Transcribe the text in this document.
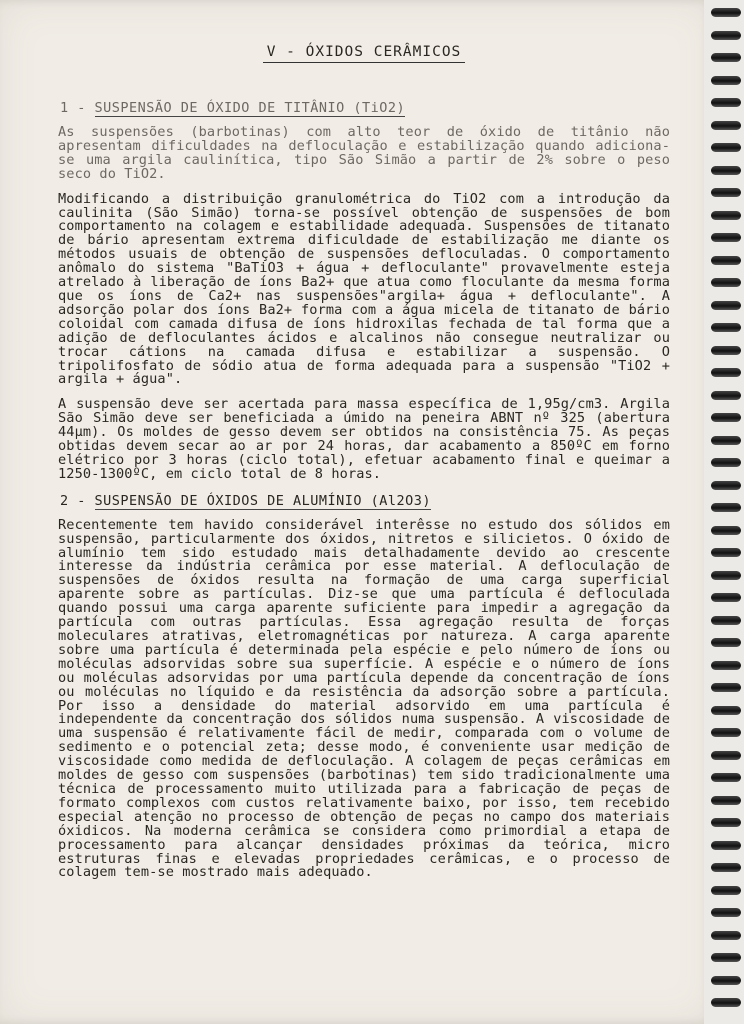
V - ÓXIDOS CERÂMICOS
1 - SUSPENSÃO DE ÓXIDO DE TITÂNIO (TiO2)

As suspensões (barbotinas) com alto teor de óxido de titânio não apresentam dificuldades na defloculação e estabilização quando adiciona-se uma argila caulinítica, tipo São Simão a partir de 2% sobre o peso seco do TiO2.

Modificando a distribuição granulométrica do TiO2 com a introdução da caulinita (São Simão) torna-se possível obtenção de suspensões de bom comportamento na colagem e estabilidade adequada. Suspensões de titanato de bário apresentam extrema dificuldade de estabilização me diante os métodos usuais de obtenção de suspensões defloculadas. O comportamento anômalo do sistema "BaTiO3 + água + defloculante" provavelmente esteja atrelado à liberação de íons Ba2+ que atua como floculante da mesma forma que os íons de Ca2+ nas suspensões"argila+ água + defloculante". A adsorção polar dos íons Ba2+ forma com a água micela de titanato de bário coloidal com camada difusa de íons hidroxilas fechada de tal forma que a adição de defloculantes ácidos e alcalinos não consegue neutralizar ou trocar cátions na camada difusa e estabilizar a suspensão. O tripolifosfato de sódio atua de forma adequada para a suspensão "TiO2 + argila + água".

A suspensão deve ser acertada para massa específica de 1,95g/cm3. Argila São Simão deve ser beneficiada a úmido na peneira ABNT nº 325 (abertura 44µm). Os moldes de gesso devem ser obtidos na consistência 75. As peças obtidas devem secar ao ar por 24 horas, dar acabamento a 850ºC em forno elétrico por 3 horas (ciclo total), efetuar acabamento final e queimar a 1250-1300ºC, em ciclo total de 8 horas.

2 - SUSPENSÃO DE ÓXIDOS DE ALUMÍNIO (Al2O3)

Recentemente tem havido considerável interêsse no estudo dos sólidos em suspensão, particularmente dos óxidos, nitretos e silicietos. O óxido de alumínio tem sido estudado mais detalhadamente devido ao crescente interesse da indústria cerâmica por esse material. A defloculação de suspensões de óxidos resulta na formação de uma carga superficial aparente sobre as partículas. Diz-se que uma partícula é defloculada quando possui uma carga aparente suficiente para impedir a agregação da partícula com outras partículas. Essa agregação resulta de forças moleculares atrativas, eletromagnéticas por natureza. A carga aparente sobre uma partícula é determinada pela espécie e pelo número de íons ou moléculas adsorvidas sobre sua superfície. A espécie e o número de íons ou moléculas adsorvidas por uma partícula depende da concentração de íons ou moléculas no líquido e da resistência da adsorção sobre a partícula. Por isso a densidade do material adsorvido em uma partícula é independente da concentração dos sólidos numa suspensão. A viscosidade de uma suspensão é relativamente fácil de medir, comparada com o volume de sedimento e o potencial zeta; desse modo, é conveniente usar medição de viscosidade como medida de defloculação. A colagem de peças cerâmicas em moldes de gesso com suspensões (barbotinas) tem sido tradicionalmente uma técnica de processamento muito utilizada para a fabricação de peças de formato complexos com custos relativamente baixo, por isso, tem recebido especial atenção no processo de obtenção de peças no campo dos materiais óxidicos. Na moderna cerâmica se considera como primordial a etapa de processamento para alcançar densidades próximas da teórica, micro estruturas finas e elevadas propriedades cerâmicas, e o processo de colagem tem-se mostrado mais adequado.
